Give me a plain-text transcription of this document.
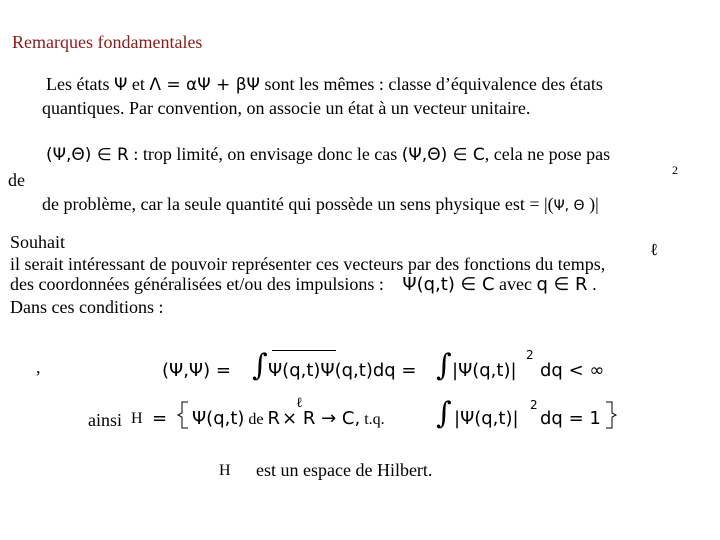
Remarques fondamentales
Les états Ψ et Λ = αΨ + βΨ sont les mêmes : classe d’équivalence des états
quantiques. Par convention, on associe un état à un vecteur unitaire.
(Ψ,Θ) ∈ R : trop limité, on envisage donc le cas (Ψ,Θ) ∈ C, cela ne pose pas
2
de
de problème, car la seule quantité qui possède un sens physique est = |(Ψ, Θ )|
Souhait	ℓ
il serait intéressant de pouvoir représenter ces vecteurs par des fonctions du temps,
des coordonnées généralisées et/ou des impulsions : Ψ(q,t) ∈ C avec q ∈ R .
Dans ces conditions :
,	(Ψ,Ψ) = ∫ Ψ(q,t)Ψ(q,t)dq = ∫ |Ψ(q,t)|
2
dq < ∞
ainsi H = Ψ(q,t) de R × R → C, t.q.
ℓ	∫ |Ψ(q,t)|
2
dq = 1
H est un espace de Hilbert.
